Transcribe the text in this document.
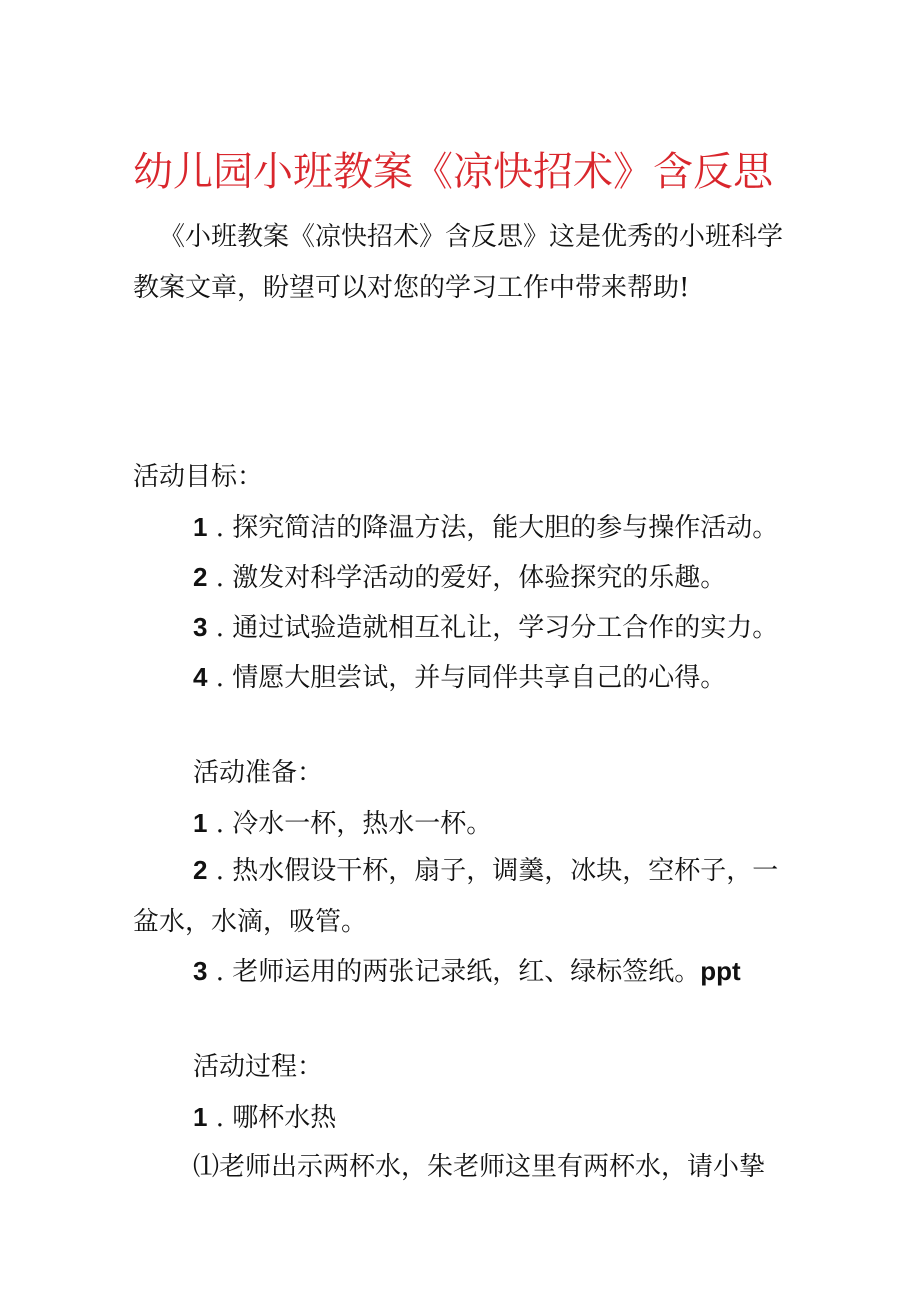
幼儿园小班教案《凉快招术》含反思

《小班教案《凉快招术》含反思》这是优秀的小班科学教案文章，盼望可以对您的学习工作中带来帮助!

活动目标：

1 . 探究简洁的降温方法，能大胆的参与操作活动。

2 . 激发对科学活动的爱好，体验探究的乐趣。

3 . 通过试验造就相互礼让，学习分工合作的实力。

4 . 情愿大胆尝试，并与同伴共享自己的心得。

活动准备：

1 . 冷水一杯，热水一杯。

2 . 热水假设干杯，扇子，调羹，冰块，空杯子，一盆水，水滴，吸管。

3 . 老师运用的两张记录纸，红、绿标签纸。ppt

活动过程：

1 . 哪杯水热

⑴老师出示两杯水，朱老师这里有两杯水，请小挚
